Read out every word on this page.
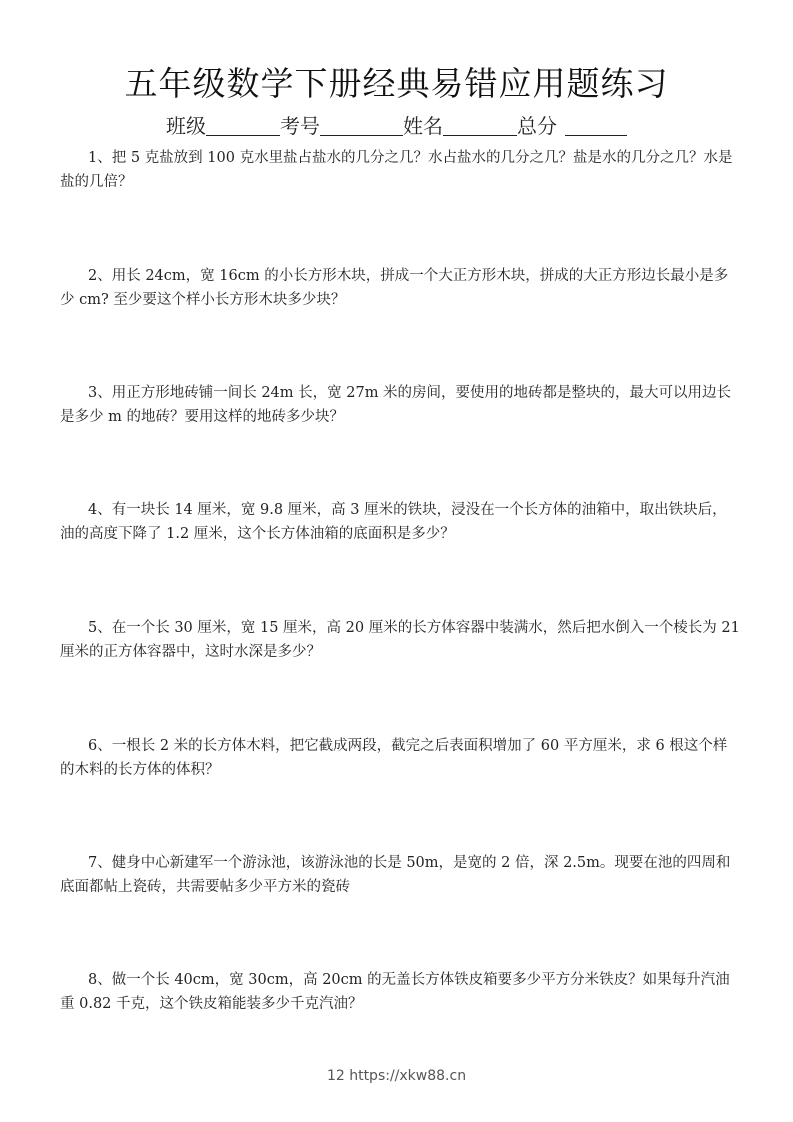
五年级数学下册经典易错应用题练习
班级	考号	姓名	总分

1、把 5 克盐放到 100 克水里盐占盐水的几分之几？水占盐水的几分之几？盐是水的几分之几？水是盐的几倍？

2、用长 24cm，宽 16cm 的小长方形木块，拼成一个大正方形木块，拼成的大正方形边长最小是多少 cm? 至少要这个样小长方形木块多少块？

3、用正方形地砖铺一间长 24m 长，宽 27m 米的房间，要使用的地砖都是整块的，最大可以用边长是多少 m 的地砖？要用这样的地砖多少块？

4、有一块长 14 厘米，宽 9.8 厘米，高 3 厘米的铁块，浸没在一个长方体的油箱中，取出铁块后，油的高度下降了 1.2 厘米，这个长方体油箱的底面积是多少？

5、在一个长 30 厘米，宽 15 厘米，高 20 厘米的长方体容器中装满水，然后把水倒入一个棱长为 21 厘米的正方体容器中，这时水深是多少？

6、一根长 2 米的长方体木料，把它截成两段，截完之后表面积增加了 60 平方厘米，求 6 根这个样的木料的长方体的体积？

7、健身中心新建军一个游泳池，该游泳池的长是 50m，是宽的 2 倍，深 2.5m。现要在池的四周和底面都帖上瓷砖，共需要帖多少平方米的瓷砖

8、做一个长 40cm，宽 30cm，高 20cm 的无盖长方体铁皮箱要多少平方分米铁皮？如果每升汽油重 0.82 千克，这个铁皮箱能装多少千克汽油？

12 https://xkw88.cn
